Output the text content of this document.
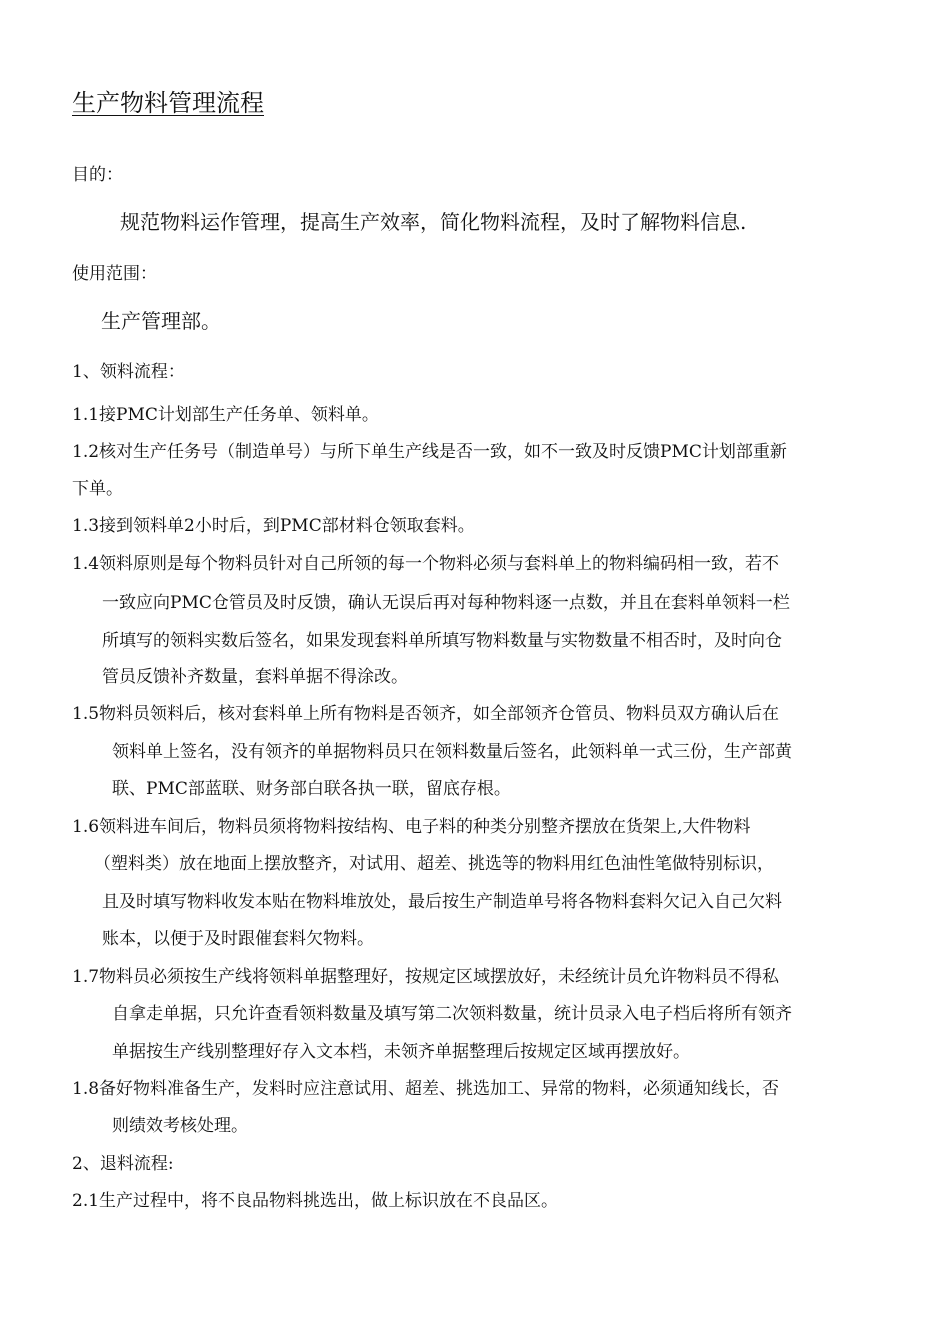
生产物料管理流程
目的：
规范物料运作管理，提高生产效率，简化物料流程，及时了解物料信息.
使用范围：
生产管理部。
1、领料流程：
1.1接PMC计划部生产任务单、领料单。
1.2核对生产任务号（制造单号）与所下单生产线是否一致，如不一致及时反馈PMC计划部重新
下单。
1.3接到领料单2小时后，到PMC部材料仓领取套料。
1.4领料原则是每个物料员针对自己所领的每一个物料必须与套料单上的物料编码相一致，若不
一致应向PMC仓管员及时反馈，确认无误后再对每种物料逐一点数，并且在套料单领料一栏
所填写的领料实数后签名，如果发现套料单所填写物料数量与实物数量不相否时，及时向仓
管员反馈补齐数量，套料单据不得涂改。
1.5物料员领料后，核对套料单上所有物料是否领齐，如全部领齐仓管员、物料员双方确认后在
领料单上签名，没有领齐的单据物料员只在领料数量后签名，此领料单一式三份，生产部黄
联、PMC部蓝联、财务部白联各执一联，留底存根。
1.6领料进车间后，物料员须将物料按结构、电子料的种类分别整齐摆放在货架上,大件物料
（塑料类）放在地面上摆放整齐，对试用、超差、挑选等的物料用红色油性笔做特别标识，
且及时填写物料收发本贴在物料堆放处，最后按生产制造单号将各物料套料欠记入自己欠料
账本，以便于及时跟催套料欠物料。
1.7物料员必须按生产线将领料单据整理好，按规定区域摆放好，未经统计员允许物料员不得私
自拿走单据，只允许查看领料数量及填写第二次领料数量，统计员录入电子档后将所有领齐
单据按生产线别整理好存入文本档，未领齐单据整理后按规定区域再摆放好。
1.8备好物料准备生产，发料时应注意试用、超差、挑选加工、异常的物料，必须通知线长，否
则绩效考核处理。
2、退料流程:
2.1生产过程中，将不良品物料挑选出，做上标识放在不良品区。
